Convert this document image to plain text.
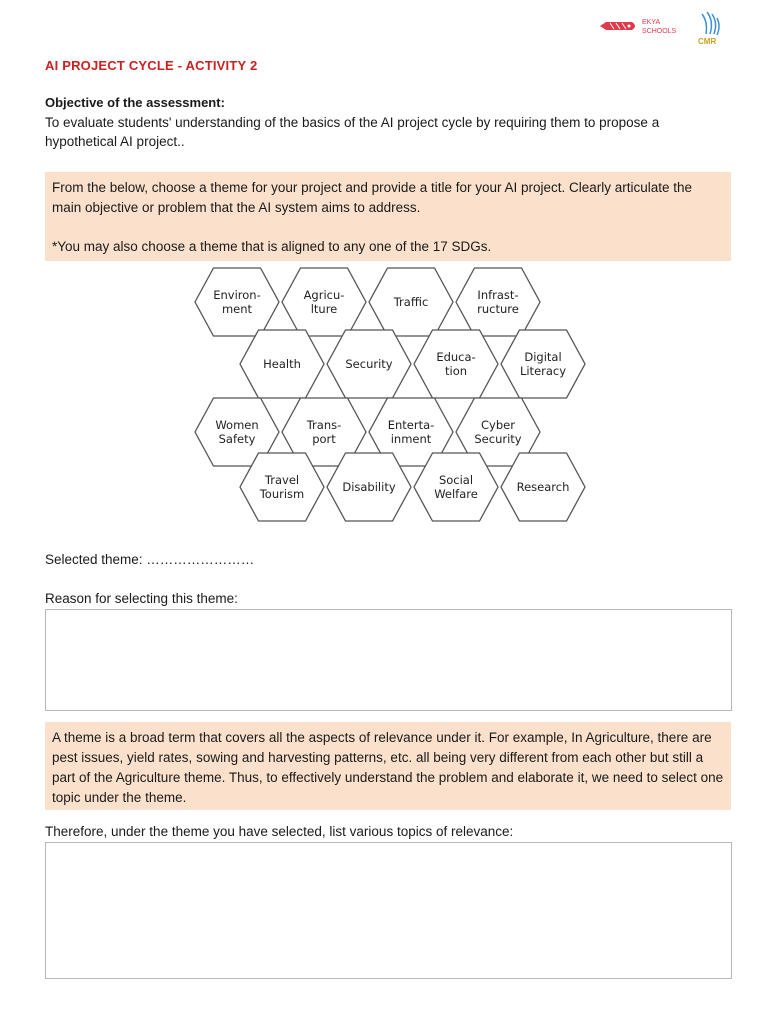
EKYA
SCHOOLS
CMR
AI PROJECT CYCLE - ACTIVITY 2
Objective of the assessment:
To evaluate students' understanding of the basics of the AI project cycle by requiring them to propose a hypothetical AI project..

From the below, choose a theme for your project and provide a title for your AI project. Clearly articulate the main objective or problem that the AI system aims to address.

*You may also choose a theme that is aligned to any one of the 17 SDGs.

Environ-ment
Agricu-lture	Traffic	Infrast-ructure
Health	Security	Educa-tion
Digital Literacy
Women Safety
Trans-port
Enterta-inment
Cyber Security
Travel Tourism	Disability	Social Welfare	Research
Selected theme: ……………………
Reason for selecting this theme:

A theme is a broad term that covers all the aspects of relevance under it. For example, In Agriculture, there are pest issues, yield rates, sowing and harvesting patterns, etc. all being very different from each other but still a part of the Agriculture theme. Thus, to effectively understand the problem and elaborate it, we need to select one topic under the theme.

Therefore, under the theme you have selected, list various topics of relevance:
